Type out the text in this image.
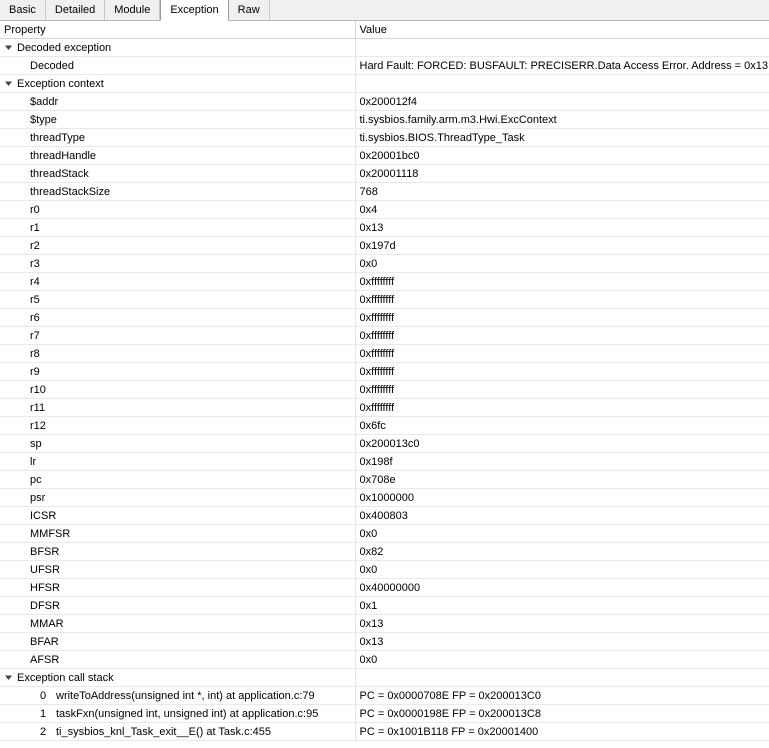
Basic	Detailed	Module	Exception	Raw
Property	Value

Decoded exception	

Decoded	Hard Fault: FORCED: BUSFAULT: PRECISERR.Data Access Error. Address = 0x13

Exception context	

$addr	0x200012f4

$type	ti.sysbios.family.arm.m3.Hwi.ExcContext

threadType	ti.sysbios.BIOS.ThreadType_Task

threadHandle	0x20001bc0

threadStack	0x20001118

threadStackSize	768

r0	0x4

r1	0x13

r2	0x197d

r3	0x0

r4	0xffffffff

r5	0xffffffff

r6	0xffffffff

r7	0xffffffff

r8	0xffffffff

r9	0xffffffff

r10	0xffffffff

r11	0xffffffff

r12	0x6fc

sp	0x200013c0

lr	0x198f

pc	0x708e

psr	0x1000000

ICSR	0x400803

MMFSR	0x0

BFSR	0x82

UFSR	0x0

HFSR	0x40000000

DFSR	0x1

MMAR	0x13

BFAR	0x13

AFSR	0x0

Exception call stack	

0 writeToAddress(unsigned int *, int) at application.c:79	PC = 0x0000708E FP = 0x200013C0

1 taskFxn(unsigned int, unsigned int) at application.c:95	PC = 0x0000198E FP = 0x200013C8

2 ti_sysbios_knl_Task_exit__E() at Task.c:455	PC = 0x1001B118 FP = 0x20001400
